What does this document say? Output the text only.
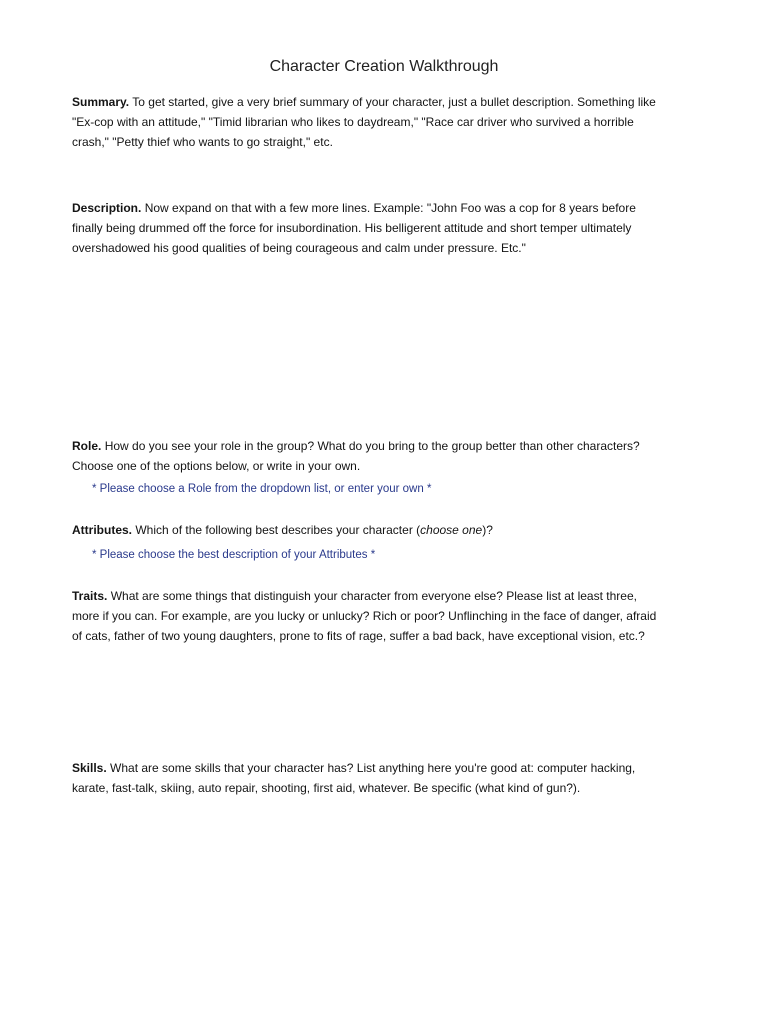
Character Creation Walkthrough
Summary. To get started, give a very brief summary of your character, just a bullet description. Something like
"Ex-cop with an attitude," "Timid librarian who likes to daydream," "Race car driver who survived a horrible
crash," "Petty thief who wants to go straight," etc.
Description. Now expand on that with a few more lines. Example: "John Foo was a cop for 8 years before
finally being drummed off the force for insubordination. His belligerent attitude and short temper ultimately
overshadowed his good qualities of being courageous and calm under pressure. Etc."
Role. How do you see your role in the group? What do you bring to the group better than other characters?
Choose one of the options below, or write in your own.
* Please choose a Role from the dropdown list, or enter your own *
Attributes. Which of the following best describes your character (choose one)?
* Please choose the best description of your Attributes *
Traits. What are some things that distinguish your character from everyone else? Please list at least three,
more if you can. For example, are you lucky or unlucky? Rich or poor? Unflinching in the face of danger, afraid
of cats, father of two young daughters, prone to fits of rage, suffer a bad back, have exceptional vision, etc.?
Skills. What are some skills that your character has? List anything here you're good at: computer hacking,
karate, fast-talk, skiing, auto repair, shooting, first aid, whatever. Be specific (what kind of gun?).
